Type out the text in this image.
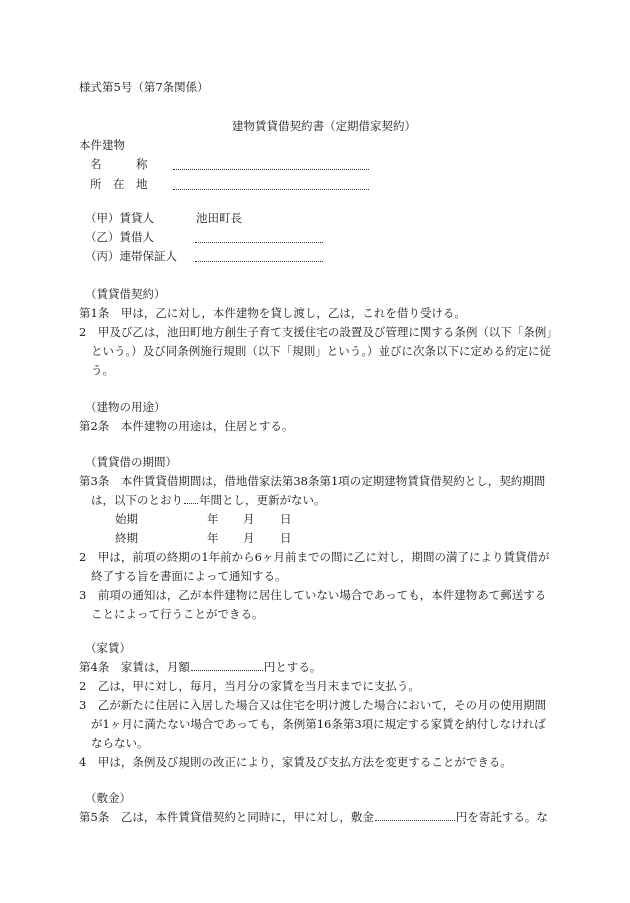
様式第5号（第7条関係）
建物賃貸借契約書（定期借家契約）
本件建物
名　　　称
所　在　地
（甲）賃貸人	池田町長
（乙）賃借人
（丙）連帯保証人
（賃貸借契約）
第1条　甲は，乙に対し，本件建物を貸し渡し，乙は，これを借り受ける。
2　甲及び乙は，池田町地方創生子育て支援住宅の設置及び管理に関する条例（以下「条例」
という。）及び同条例施行規則（以下「規則」という。）並びに次条以下に定める約定に従
う。
（建物の用途）
第2条　本件建物の用途は，住居とする。
（賃貸借の期間）
第3条　本件賃貸借期間は，借地借家法第38条第1項の定期建物賃貸借契約とし，契約期間
は，以下のとおり 年間とし，更新がない。
始期	年 月 日
終期	年 月 日
2　甲は，前項の終期の1年前から6ヶ月前までの間に乙に対し，期間の満了により賃貸借が
終了する旨を書面によって通知する。
3　前項の通知は，乙が本件建物に居住していない場合であっても，本件建物あて郵送する
ことによって行うことができる。
（家賃）
第4条　家賃は，月額	円とする。
2　乙は，甲に対し，毎月，当月分の家賃を当月末までに支払う。
3　乙が新たに住居に入居した場合又は住宅を明け渡した場合において，その月の使用期間
が1ヶ月に満たない場合であっても，条例第16条第3項に規定する家賃を納付しなければ
ならない。
4　甲は，条例及び規則の改正により，家賃及び支払方法を変更することができる。
（敷金）
第5条　乙は，本件賃貸借契約と同時に，甲に対し，敷金	円を寄託する。な
